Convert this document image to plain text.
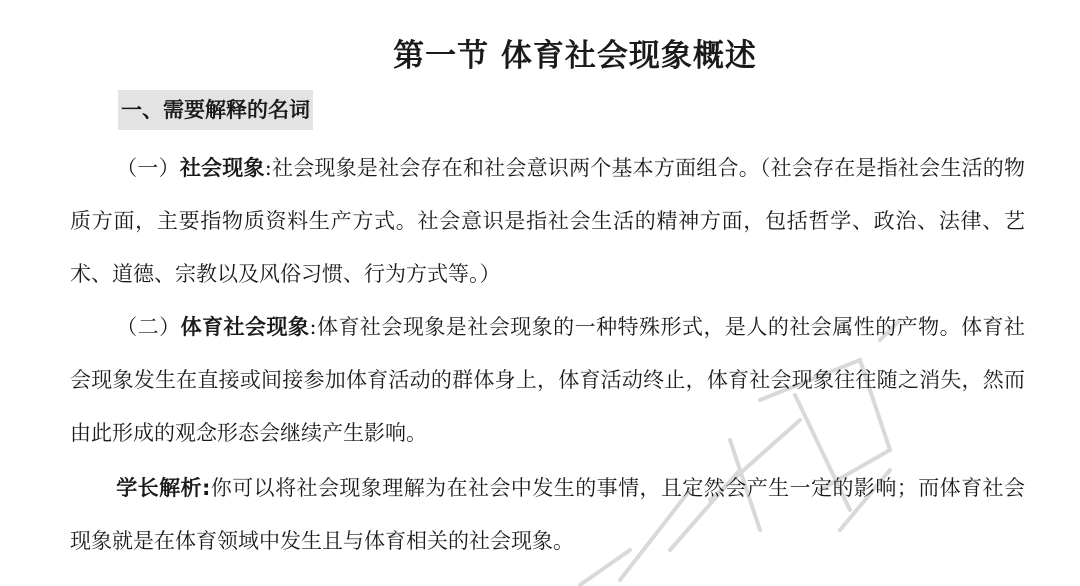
第一节 体育社会现象概述
一、需要解释的名词

（一）社会现象:社会现象是社会存在和社会意识两个基本方面组合。（社会存在是指社会生活的物质方面，主要指物质资料生产方式。社会意识是指社会生活的精神方面，包括哲学、政治、法律、艺术、道德、宗教以及风俗习惯、行为方式等。）

（二）体育社会现象:体育社会现象是社会现象的一种特殊形式，是人的社会属性的产物。体育社会现象发生在直接或间接参加体育活动的群体身上，体育活动终止，体育社会现象往往随之消失，然而由此形成的观念形态会继续产生影响。

学长解析:你可以将社会现象理解为在社会中发生的事情，且定然会产生一定的影响；而体育社会现象就是在体育领域中发生且与体育相关的社会现象。
